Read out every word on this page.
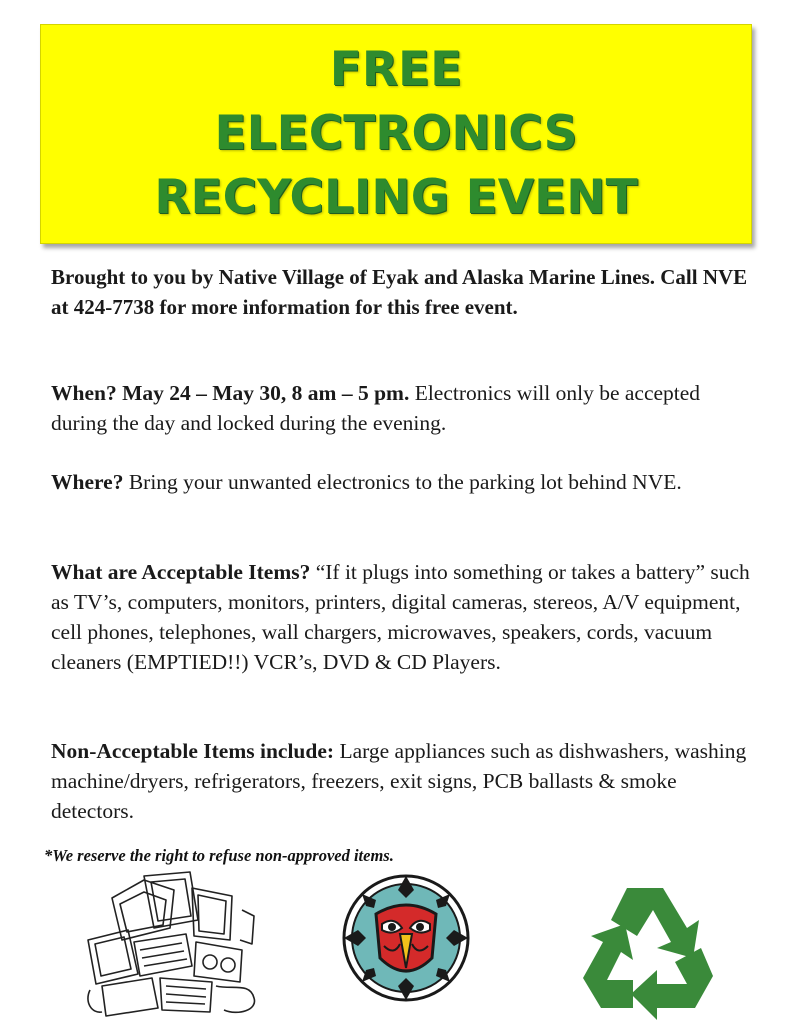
FREE
ELECTRONICS
RECYCLING EVENT
Brought to you by Native Village of Eyak and Alaska Marine Lines. Call NVE at 424-7738 for more information for this free event.
When? May 24 – May 30, 8 am – 5 pm. Electronics will only be accepted during the day and locked during the evening.
Where? Bring your unwanted electronics to the parking lot behind NVE.
What are Acceptable Items? “If it plugs into something or takes a battery” such as TV’s, computers, monitors, printers, digital cameras, stereos, A/V equipment, cell phones, telephones, wall chargers, microwaves, speakers, cords, vacuum cleaners (EMPTIED!!) VCR’s, DVD & CD Players.
Non-Acceptable Items include: Large appliances such as dishwashers, washing machine/dryers, refrigerators, freezers, exit signs, PCB ballasts & smoke detectors.
*We reserve the right to refuse non-approved items.
